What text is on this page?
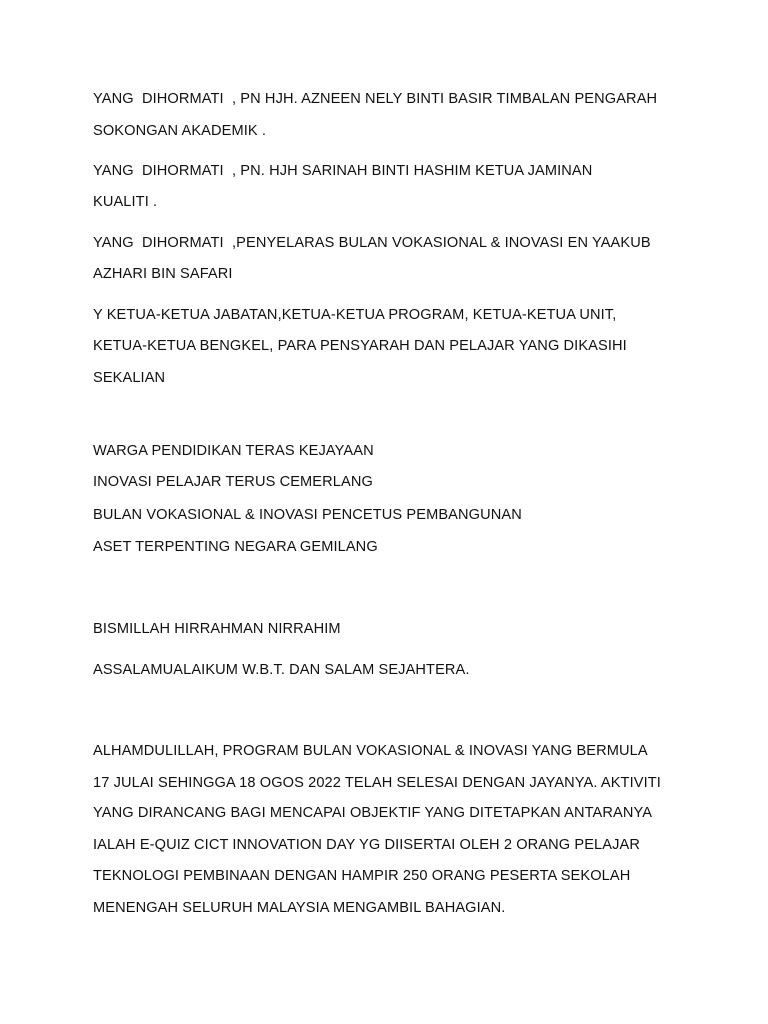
YANG  DIHORMATI  , PN HJH. AZNEEN NELY BINTI BASIR TIMBALAN PENGARAH
SOKONGAN AKADEMIK .
YANG  DIHORMATI  , PN. HJH SARINAH BINTI HASHIM KETUA JAMINAN
KUALITI .
YANG  DIHORMATI  ,PENYELARAS BULAN VOKASIONAL & INOVASI EN YAAKUB
AZHARI BIN SAFARI
Y KETUA-KETUA JABATAN,KETUA-KETUA PROGRAM, KETUA-KETUA UNIT,
KETUA-KETUA BENGKEL, PARA PENSYARAH DAN PELAJAR YANG DIKASIHI
SEKALIAN
WARGA PENDIDIKAN TERAS KEJAYAAN
INOVASI PELAJAR TERUS CEMERLANG
BULAN VOKASIONAL & INOVASI PENCETUS PEMBANGUNAN
ASET TERPENTING NEGARA GEMILANG
BISMILLAH HIRRAHMAN NIRRAHIM
ASSALAMUALAIKUM W.B.T. DAN SALAM SEJAHTERA.
ALHAMDULILLAH, PROGRAM BULAN VOKASIONAL & INOVASI YANG BERMULA
17 JULAI SEHINGGA 18 OGOS 2022 TELAH SELESAI DENGAN JAYANYA. AKTIVITI
YANG DIRANCANG BAGI MENCAPAI OBJEKTIF YANG DITETAPKAN ANTARANYA
IALAH E-QUIZ CICT INNOVATION DAY YG DIISERTAI OLEH 2 ORANG PELAJAR
TEKNOLOGI PEMBINAAN DENGAN HAMPIR 250 ORANG PESERTA SEKOLAH
MENENGAH SELURUH MALAYSIA MENGAMBIL BAHAGIAN.
